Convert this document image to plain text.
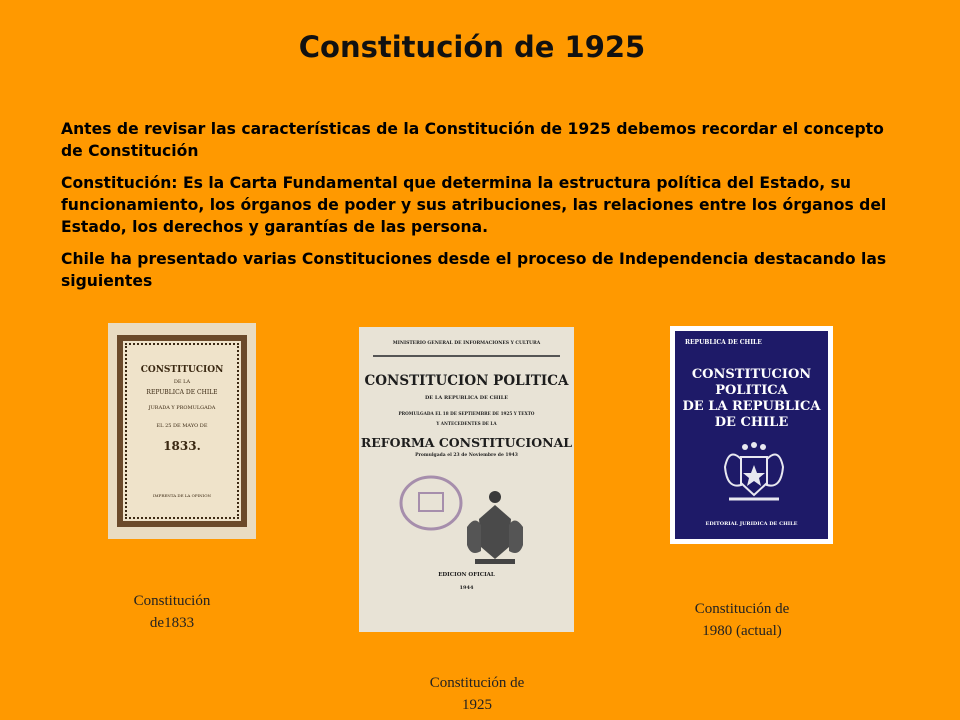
Constitución de 1925

Antes de revisar las características de la Constitución de 1925 debemos recordar el concepto de Constitución

Constitución: Es la Carta Fundamental que determina la estructura política del Estado, su funcionamiento, los órganos de poder y sus atribuciones, las relaciones entre los órganos del Estado, los derechos y garantías de las persona.

Chile ha presentado varias Constituciones desde el proceso de Independencia destacando las siguientes

CONSTITUCION
DE LA
REPUBLICA DE CHILE
JURADA Y PROMULGADA
EL 25 DE MAYO DE
1833.
IMPRENTA DE LA OPINION
MINISTERIO GENERAL DE INFORMACIONES Y CULTURA
CONSTITUCION POLITICA
DE LA REPUBLICA DE CHILE
PROMULGADA EL 18 DE SEPTIEMBRE DE 1925 Y TEXTO
Y ANTECEDENTES DE LA
REFORMA CONSTITUCIONAL
Promulgada el 23 de Noviembre de 1943
EDICION OFICIAL
1944
REPUBLICA DE CHILE
CONSTITUCION
POLITICA
DE LA REPUBLICA
DE CHILE
EDITORIAL JURIDICA DE CHILE
Constitución
de1833
Constitución de
1980 (actual)
Constitución de
1925
